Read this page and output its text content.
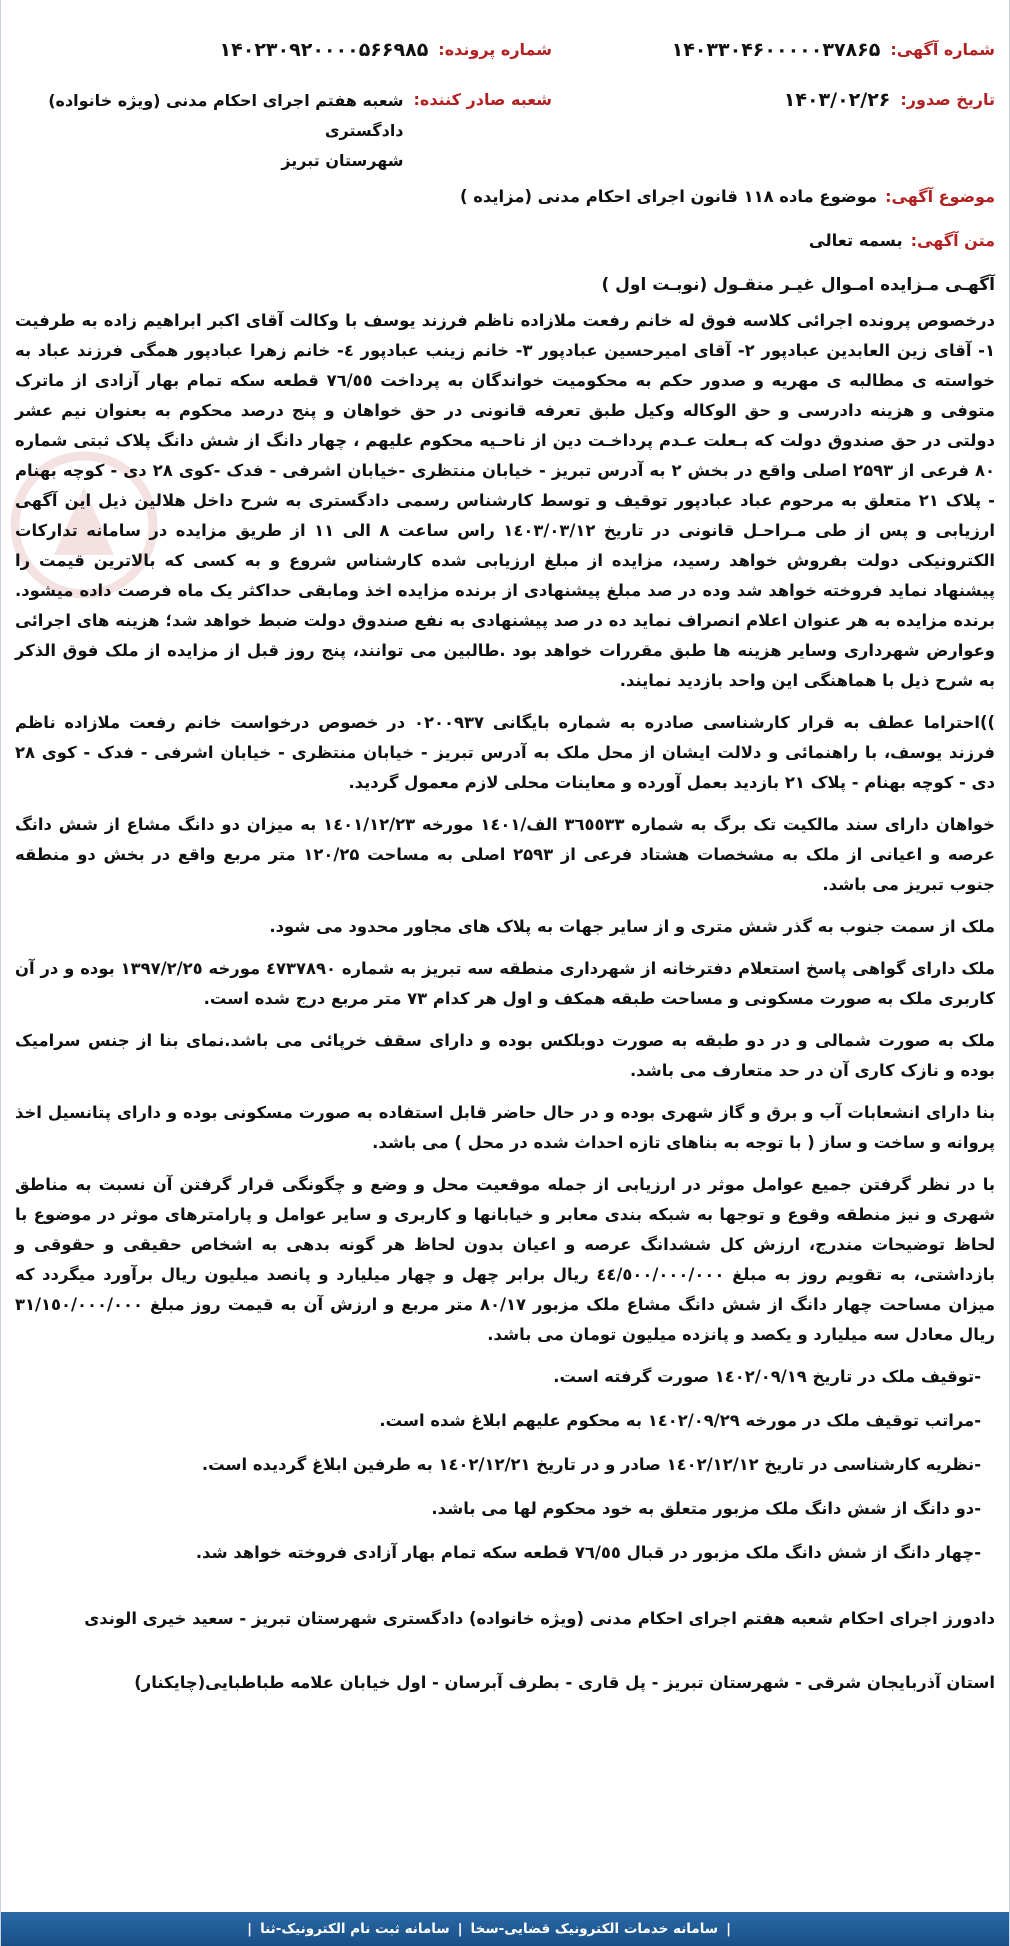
شماره آگهی:
۱۴۰۳۳۰۴۶۰۰۰۰۰۳۷۸۶۵
شماره پرونده:
۱۴۰۲۳۰۹۲۰۰۰۰۵۶۶۹۸۵
تاریخ صدور:
۱۴۰۳/۰۲/۲۶
شعبه صادر کننده:
شعبه هفتم اجرای احکام مدنی (ویژه خانواده) دادگستری
شهرستان تبریز
موضوع آگهی:
موضوع ماده ۱۱۸ قانون اجرای احکام مدنی (مزایده )
متن آگهی:
بسمه تعالی
آگهـی مـزایده امـوال غیـر منقـول (نوبـت اول )

درخصوص پرونده اجرائی کلاسه فوق له خانم رفعت ملازاده ناظم فرزند یوسف با وکالت آقای اکبر ابراهیم زاده به طرفیت ۱- آقای زین العابدین عباد‌پور ۲- آقای امیرحسین عبادپور ۳- خانم زینب عبادپور ٤- خانم زهرا عبادپور همگی فرزند عباد به خواسته ی مطالبه ی مهریه و صدور حکم به محکومیت خواندگان به پرداخت ۷٦/٥٥ قطعه سکه تمام بهار آزادی از ماترک متوفی و هزینه دادرسی و حق الوکاله وکیل طبق تعرفه قانونی در حق خواهان و پنج درصد محکوم به بعنوان نیم عشر دولتی در حق صندوق دولت که بـعلت عـدم پرداخـت دین از ناحـیه محکوم علیهم ، چهار دانگ از شش دانگ پلاک ثبتی شماره ۸۰ فرعی از ۲۵۹۳ اصلی واقع در بخش ۲ به آدرس تبریز - خیابان منتظری -خیابان اشرفی - فدک -کوی ۲۸ دی - کوچه بهنام - پلاک ۲۱ متعلق به مرحوم عباد عبادپور توقیف و توسط کارشناس رسمی دادگستری به شرح داخل هلالین ذیل این آگهی ارزیابی و پس از طی مـراحـل قانونی در تاریخ ۱٤۰۳/۰۳/۱۲ راس ساعت ۸ الی ۱۱ از طریق مزایده در سامانه تدارکات الکترونیکی دولت بفروش خواهد رسید، مزایده از مبلغ ارزیابی شده کارشناس شروع و به کسی که بالاترین قیمت را پیشنهاد نماید فروخته خواهد شد وده در صد مبلغ پیشنهادی از برنده مزایده اخذ ومابقی حداکثر یک ماه فرصت داده میشود. برنده مزایده به هر عنوان اعلام انصراف نماید ده در صد پیشنهادی به نفع صندوق دولت ضبط خواهد شد؛ هزینه های اجرائی وعوارض شهرداری وسایر هزینه ها طبق مقررات خواهد بود .طالبین می توانند، پنج روز قبل از مزایده از ملک فوق الذکر به شرح ذیل با هماهنگی این واحد بازدید نمایند.

))احتراما عطف به قرار کارشناسی صادره به شماره بایگانی ۰۲۰۰۹۳۷ در خصوص درخواست خانم رفعت ملازاده ناظم فرزند یوسف، با راهنمائی و دلالت ایشان از محل ملک به آدرس تبریز - خیابان منتظری - خیابان اشرفی - فدک - کوی ۲۸ دی - کوچه بهنام - پلاک ۲۱ بازدید بعمل آورده و معاینات محلی لازم معمول گردید.

خواهان دارای سند مالکیت تک برگ به شماره ۳٦٥٥۳۳ الف/۱٤۰۱ مورخه ۱٤۰۱/۱۲/۲۳ به میزان دو دانگ مشاع از شش دانگ عرصه و اعیانی از ملک به مشخصات هشتاد فرعی از ۲۵۹۳ اصلی به مساحت ۱۲۰/۲۵ متر مربع واقع در بخش دو منطقه جنوب تبریز می باشد.

ملک از سمت جنوب به گذر شش متری و از سایر جهات به پلاک های مجاور محدود می شود.

ملک دارای گواهی پاسخ استعلام دفترخانه از شهرداری منطقه سه تبریز به شماره ٤۷۳۷۸۹۰ مورخه ۱۳۹۷/۲/۲٥ بوده و در آن کاربری ملک به صورت مسکونی و مساحت طبقه همکف و اول هر کدام ۷۳ متر مربع درج شده است.

ملک به صورت شمالی و در دو طبقه به صورت دوبلکس بوده و دارای سقف خرپائی می باشد.نمای بنا از جنس سرامیک بوده و نازک کاری آن در حد متعارف می باشد.

بنا دارای انشعابات آب و برق و گاز شهری بوده و در حال حاضر قابل استفاده به صورت مسکونی بوده و دارای پتانسیل اخذ پروانه و ساخت و ساز ( با توجه به بناهای تازه احداث شده در محل ) می باشد.

با در نظر گرفتن جمیع عوامل موثر در ارزیابی از جمله موقعیت محل و وضع و چگونگی قرار گرفتن آن نسبت به مناطق شهری و نیز منطقه وقوع و توجها به شبکه بندی معابر و خیابانها و کاربری و سایر عوامل و پارامترهای موثر در موضوع با لحاظ توضیحات مندرج، ارزش کل ششدانگ عرصه و اعیان بدون لحاظ هر گونه بدهی به اشخاص حقیقی و حقوقی و بازداشتی، به تقویم روز به مبلغ ٤٤/٥۰۰/۰۰۰/۰۰۰ ریال برابر چهل و چهار میلیارد و پانصد میلیون ریال برآورد میگردد که میزان مساحت چهار دانگ از شش دانگ مشاع ملک مزبور ۸۰/۱۷ متر مربع و ارزش آن به قیمت روز مبلغ ۳۱/۱٥۰/۰۰۰/۰۰۰ ریال معادل سه میلیارد و یکصد و پانزده میلیون تومان می باشد.

-توقیف ملک در تاریخ ۱٤۰۲/۰۹/۱۹ صورت گرفته است.

-مراتب توقیف ملک در مورخه ۱٤۰۲/۰۹/۲۹ به محکوم علیهم ابلاغ شده است.

-نظریه کارشناسی در تاریخ ۱٤۰۲/۱۲/۱۲ صادر و در تاریخ ۱٤۰۲/۱۲/۲۱ به طرفین ابلاغ گردیده است.

-دو دانگ از شش دانگ ملک مزبور متعلق به خود محکوم لها می باشد.

-چهار دانگ از شش دانگ ملک مزبور در قبال ۷٦/٥٥ قطعه سکه تمام بهار آزادی فروخته خواهد شد.

دادورز اجرای احکام شعبه هفتم اجرای احکام مدنی (ویژه خانواده) دادگستری شهرستان تبریز - سعید خیری الوندی

استان آذربایجان شرقی - شهرستان تبریز - پل قاری - بطرف آبرسان - اول خیابان علامه طباطبایی(چایکنار)

|
سامانه خدمات الکترونیک قضایی-سخا
|
سامانه ثبت نام الکترونیک-ثنا
|
